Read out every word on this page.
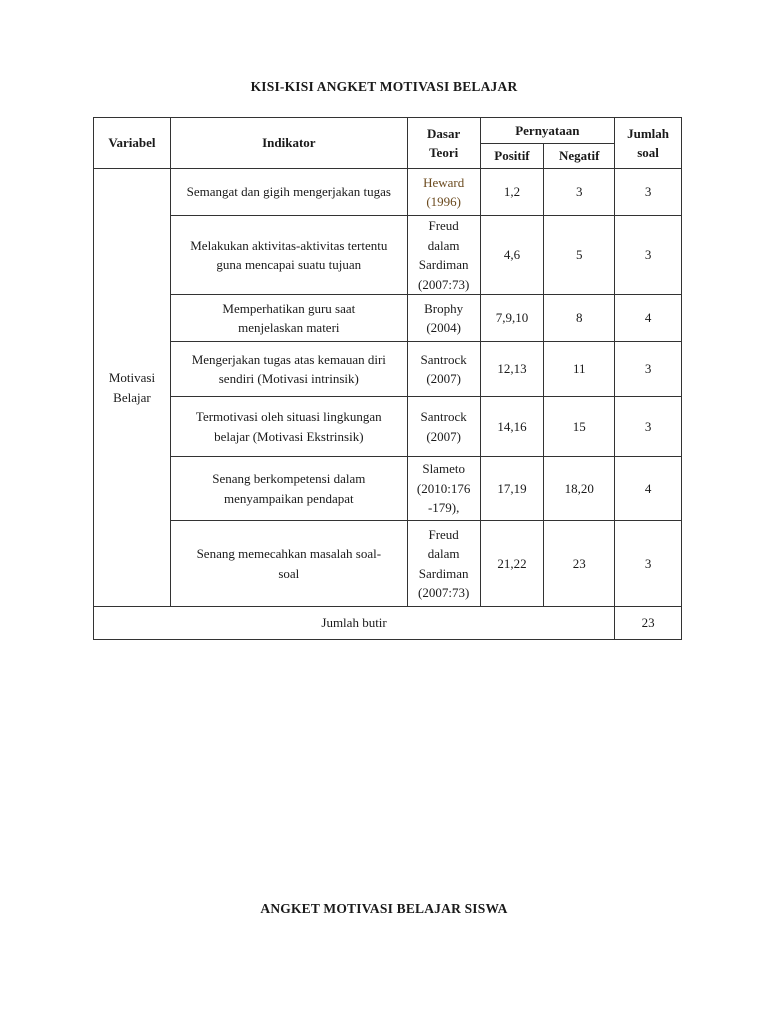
KISI-KISI ANGKET MOTIVASI BELAJAR
Variabel	Indikator	Dasar Teori	Pernyataan		Jumlah soal
			Positif	Negatif	
Motivasi Belajar	Semangat dan gigih mengerjakan tugas	Heward (1996)	1,2	3	3
	Melakukan aktivitas-aktivitas tertentu guna mencapai suatu tujuan	Freud dalam Sardiman (2007:73)	4,6	5	3
	Memperhatikan guru saat menjelaskan materi	Brophy (2004)	7,9,10	8	4
	Mengerjakan tugas atas kemauan diri sendiri (Motivasi intrinsik)	Santrock (2007)	12,13	11	3
	Termotivasi oleh situasi lingkungan belajar (Motivasi Ekstrinsik)	Santrock (2007)	14,16	15	3
	Senang berkompetensi dalam menyampaikan pendapat	Slameto (2010:176 -179),	17,19	18,20	4
	Senang memecahkan masalah soal-soal	Freud dalam Sardiman (2007:73)	21,22	23	3
Jumlah butir					23
ANGKET MOTIVASI BELAJAR SISWA
